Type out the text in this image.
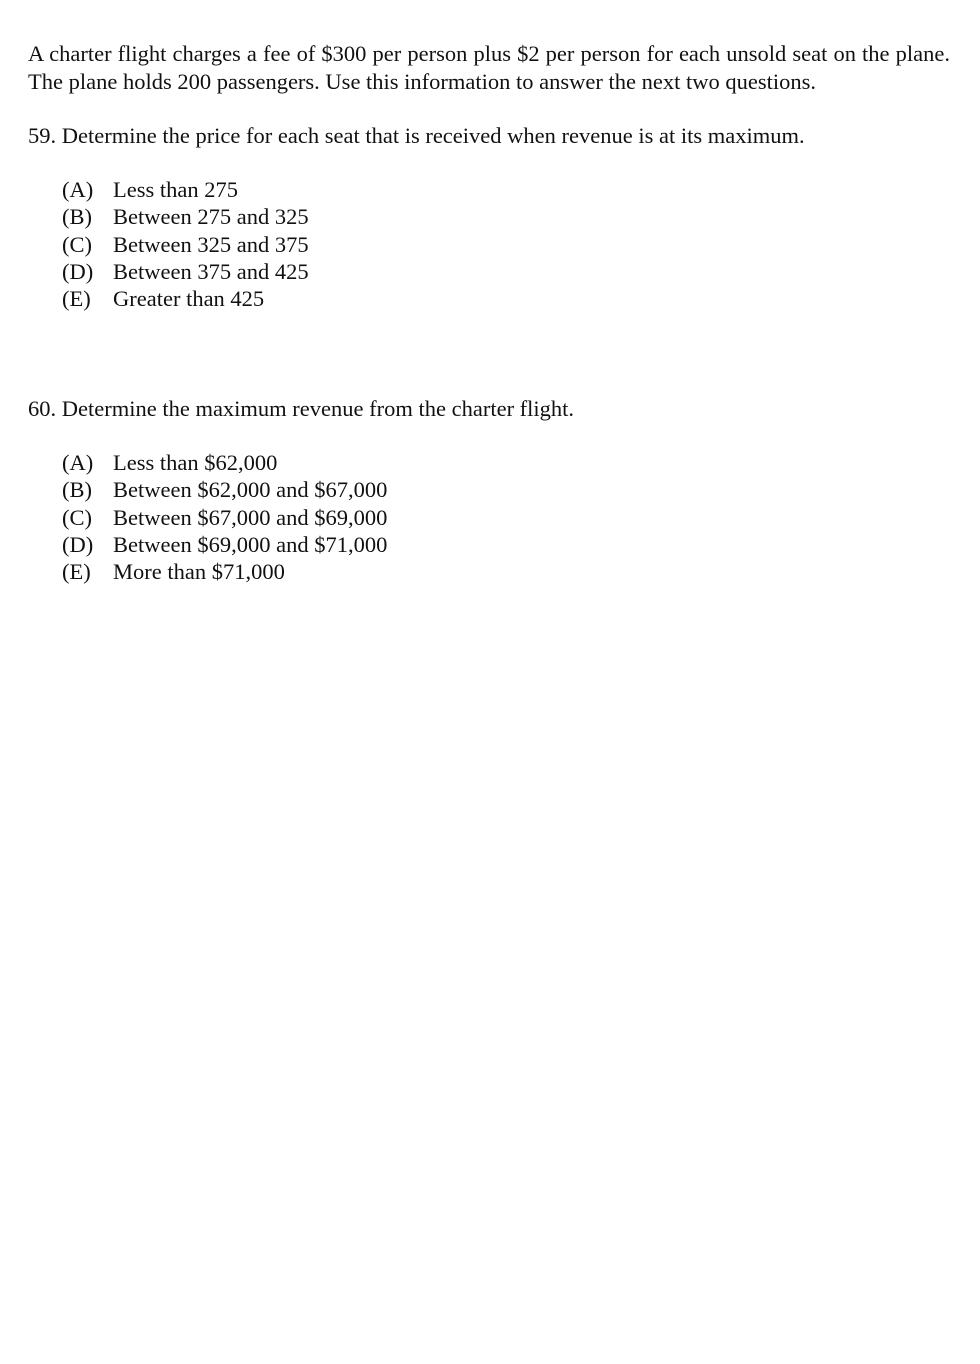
A charter flight charges a fee of $300 per person plus $2 per person for each unsold seat on the plane. The plane holds 200 passengers. Use this information to answer the next two questions.

59. Determine the price for each seat that is received when revenue is at its maximum.
(A) Less than 275
(B) Between 275 and 325
(C) Between 325 and 375
(D) Between 375 and 425
(E) Greater than 425
60. Determine the maximum revenue from the charter flight.
(A) Less than $62,000
(B) Between $62,000 and $67,000
(C) Between $67,000 and $69,000
(D) Between $69,000 and $71,000
(E) More than $71,000
